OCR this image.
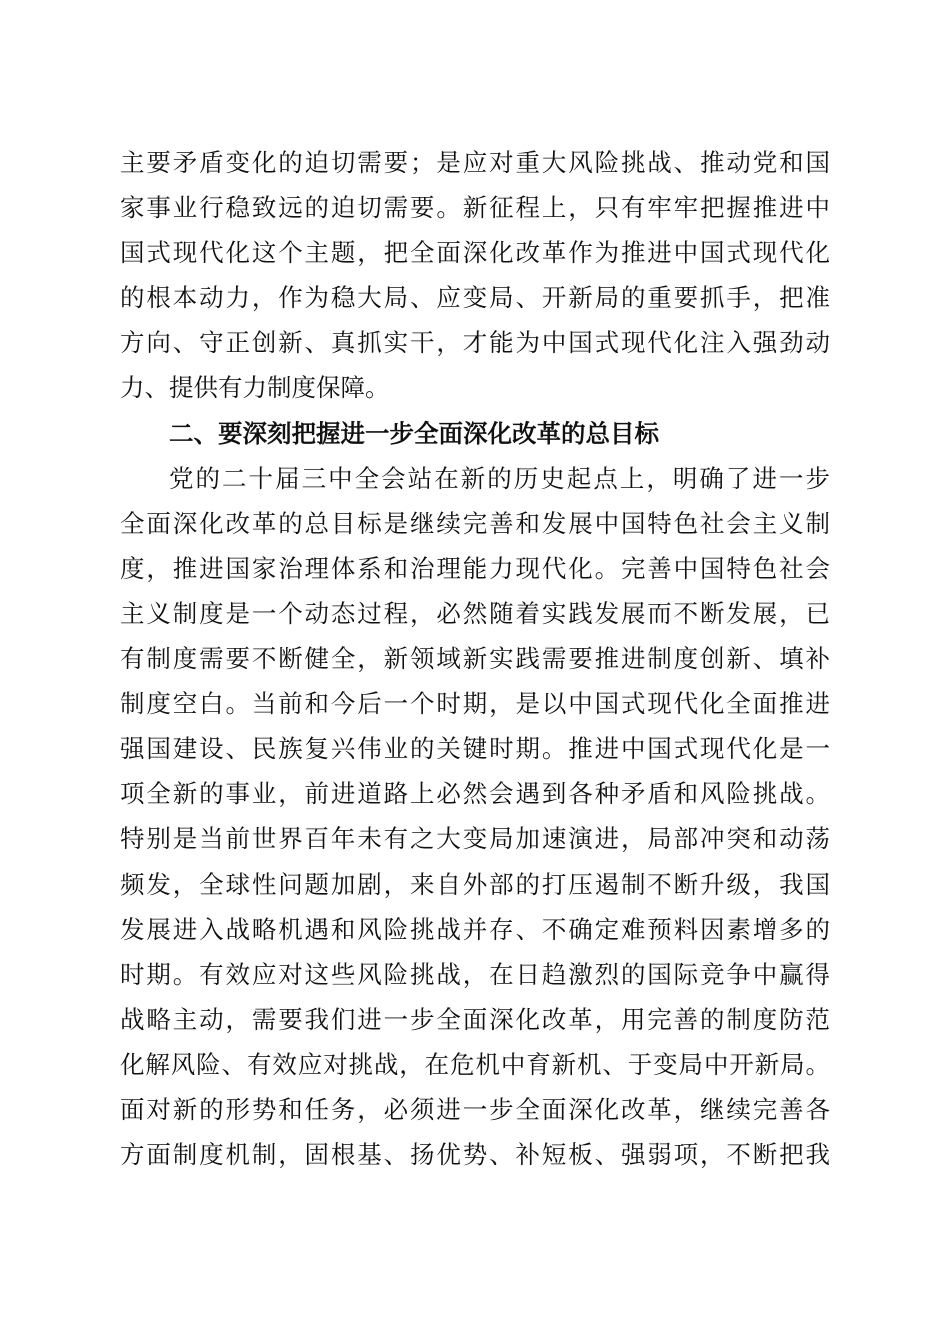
主要矛盾变化的迫切需要；是应对重大风险挑战、推动党和国
家事业行稳致远的迫切需要。新征程上，只有牢牢把握推进中
国式现代化这个主题，把全面深化改革作为推进中国式现代化
的根本动力，作为稳大局、应变局、开新局的重要抓手，把准
方向、守正创新、真抓实干，才能为中国式现代化注入强劲动
力、提供有力制度保障。
二、要深刻把握进一步全面深化改革的总目标
党的二十届三中全会站在新的历史起点上，明确了进一步
全面深化改革的总目标是继续完善和发展中国特色社会主义制
度，推进国家治理体系和治理能力现代化。完善中国特色社会
主义制度是一个动态过程，必然随着实践发展而不断发展，已
有制度需要不断健全，新领域新实践需要推进制度创新、填补
制度空白。当前和今后一个时期，是以中国式现代化全面推进
强国建设、民族复兴伟业的关键时期。推进中国式现代化是一
项全新的事业，前进道路上必然会遇到各种矛盾和风险挑战。
特别是当前世界百年未有之大变局加速演进，局部冲突和动荡
频发，全球性问题加剧，来自外部的打压遏制不断升级，我国
发展进入战略机遇和风险挑战并存、不确定难预料因素增多的
时期。有效应对这些风险挑战，在日趋激烈的国际竞争中赢得
战略主动，需要我们进一步全面深化改革，用完善的制度防范
化解风险、有效应对挑战，在危机中育新机、于变局中开新局。
面对新的形势和任务，必须进一步全面深化改革，继续完善各
方面制度机制，固根基、扬优势、补短板、强弱项，不断把我
